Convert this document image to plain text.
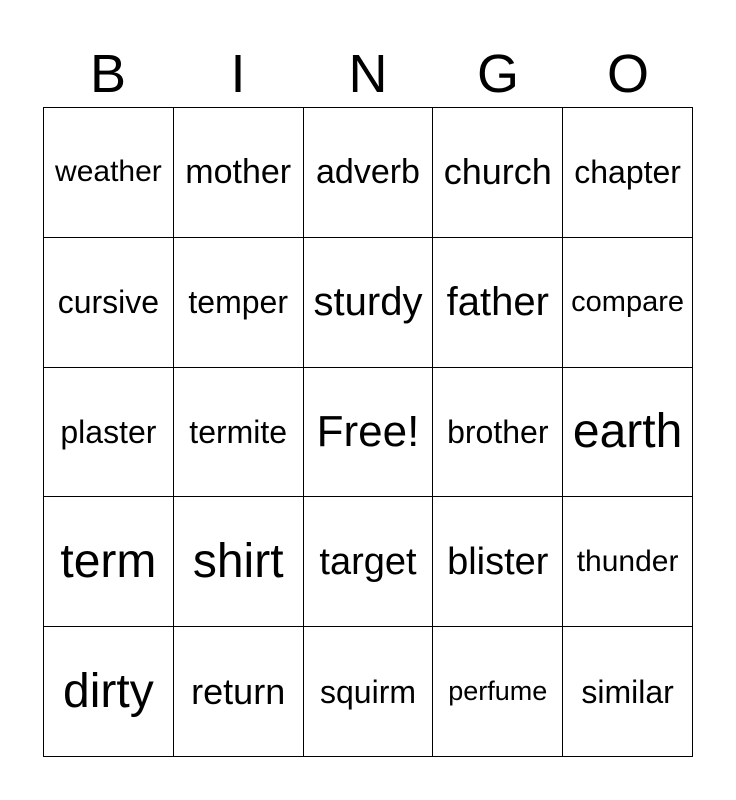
B	I	N	G	O
weather mother adverb church chapter
cursive temper sturdy father compare
plaster	termite Free! brother earth
term shirt target blister thunder
dirty	return	squirm	perfume	similar
